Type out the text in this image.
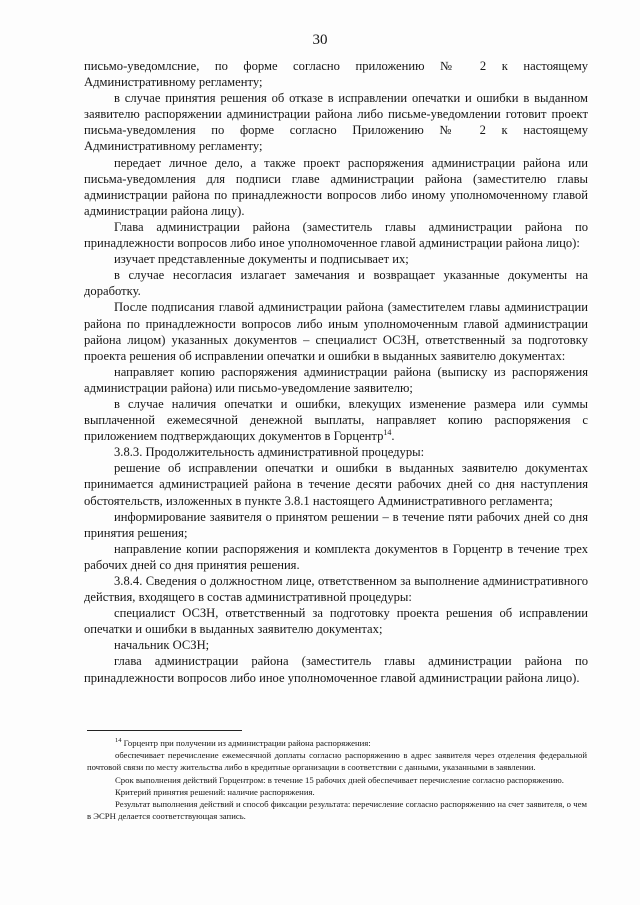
30

письмо-уведомлсние, по форме согласно приложению № 2 к настоящему Административному регламенту;

в случае принятия решения об отказе в исправлении опечатки и ошибки в выданном заявителю распоряжении администрации района либо письме-уведомлении готовит проект письма-уведомления по форме согласно Приложению № 2 к настоящему Административному регламенту;

передает личное дело, а также проект распоряжения администрации района или письма-уведомления для подписи главе администрации района (заместителю главы администрации района по принадлежности вопросов либо иному уполномоченному главой администрации района лицу).

Глава администрации района (заместитель главы администрации района по принадлежности вопросов либо иное уполномоченное главой администрации района лицо):

изучает представленные документы и подписывает их;

в случае несогласия излагает замечания и возвращает указанные документы на доработку.

После подписания главой администрации района (заместителем главы администрации района по принадлежности вопросов либо иным уполномоченным главой администрации района лицом) указанных документов – специалист ОСЗН, ответственный за подготовку проекта решения об исправлении опечатки и ошибки в выданных заявителю документах:

направляет копию распоряжения администрации района (выписку из распоряжения администрации района) или письмо-уведомление заявителю;

в случае наличия опечатки и ошибки, влекущих изменение размера или суммы выплаченной ежемесячной денежной выплаты, направляет копию распоряжения с приложением подтверждающих документов в Горцентр$^{14}$.

3.8.3. Продолжительность административной процедуры:

решение об исправлении опечатки и ошибки в выданных заявителю документах принимается администрацией района в течение десяти рабочих дней со дня наступления обстоятельств, изложенных в пункте 3.8.1 настоящего Административного регламента;

информирование заявителя о принятом решении – в течение пяти рабочих дней со дня принятия решения;

направление копии распоряжения и комплекта документов в Горцентр в течение трех рабочих дней со дня принятия решения.

3.8.4. Сведения о должностном лице, ответственном за выполнение административного действия, входящего в состав административной процедуры:

специалист ОСЗН, ответственный за подготовку проекта решения об исправлении опечатки и ошибки в выданных заявителю документах;

начальник ОСЗН;

глава администрации района (заместитель главы администрации района по принадлежности вопросов либо иное уполномоченное главой администрации района лицо).

$^{14}$ Горцентр при получении из администрации района распоряжения:

обеспечивает перечисление ежемесячной доплаты согласно распоряжению в адрес заявителя через отделения федеральной почтовой связи по месту жительства либо в кредитные организации в соответствии с данными, указанными в заявлении.

Срок выполнения действий Горцентром: в течение 15 рабочих дней обеспечивает перечисление согласно распоряжению.

Критерий принятия решений: наличие распоряжения.

Результат выполнения действий и способ фиксации результата: перечисление согласно распоряжению на счет заявителя, о чем в ЭСРН делается соответствующая запись.
